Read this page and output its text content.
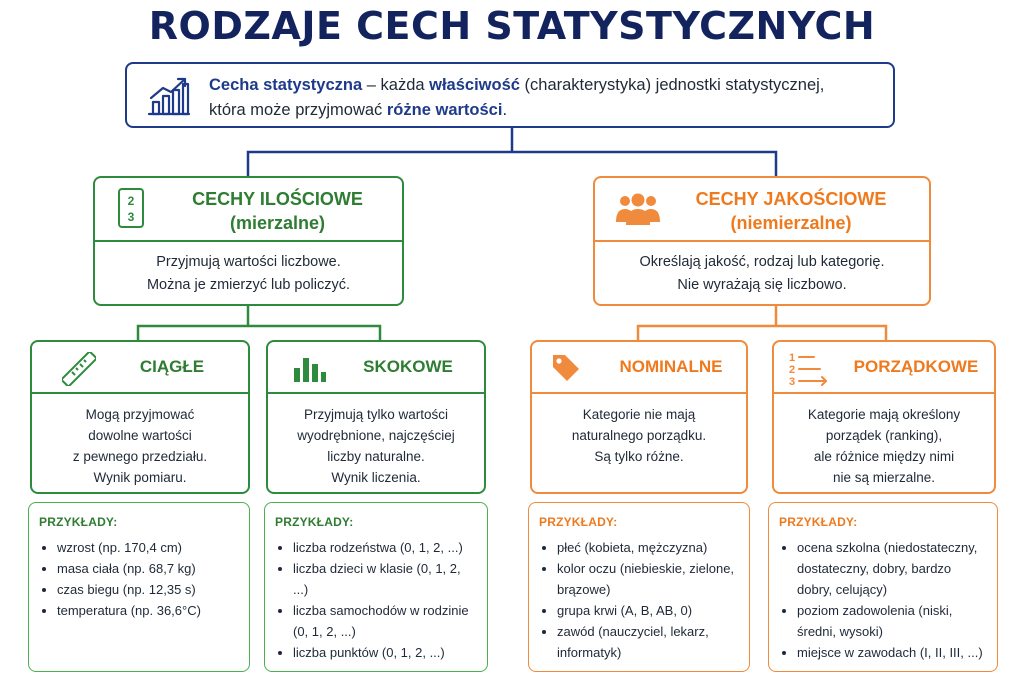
RODZAJE CECH STATYSTYCZNYCH
Cecha statystyczna – każda właściwość (charakterystyka) jednostki statystycznej,
która może przyjmować różne wartości.
2
3
CECHY ILOŚCIOWE
(mierzalne)
Przyjmują wartości liczbowe.
Można je zmierzyć lub policzyć.
CECHY JAKOŚCIOWE
(niemierzalne)
Określają jakość, rodzaj lub kategorię.
Nie wyrażają się liczbowo.
CIĄGŁE
Mogą przyjmować
dowolne wartości
z pewnego przedziału.
Wynik pomiaru.
SKOKOWE
Przyjmują tylko wartości
wyodrębnione, najczęściej
liczby naturalne.
Wynik liczenia.
NOMINALNE
Kategorie nie mają
naturalnego porządku.
Są tylko różne.
1
2
3
PORZĄDKOWE
Kategorie mają określony
porządek (ranking),
ale różnice między nimi
nie są mierzalne.
PRZYKŁADY:
• wzrost (np. 170,4 cm)
• masa ciała (np. 68,7 kg)
• czas biegu (np. 12,35 s)
• temperatura (np. 36,6°C)
PRZYKŁADY:
• liczba rodzeństwa (0, 1, 2, ...)
• liczba dzieci w klasie (0, 1, 2, ...)
• liczba samochodów w rodzinie (0, 1, 2, ...)
• liczba punktów (0, 1, 2, ...)
PRZYKŁADY:
• płeć (kobieta, mężczyzna)
• kolor oczu (niebieskie, zielone, brązowe)
• grupa krwi (A, B, AB, 0)
• zawód (nauczyciel, lekarz, informatyk)
PRZYKŁADY:
• ocena szkolna (niedostateczny, dostateczny, dobry, bardzo dobry, celujący)
• poziom zadowolenia (niski, średni, wysoki)
• miejsce w zawodach (I, II, III, ...)
